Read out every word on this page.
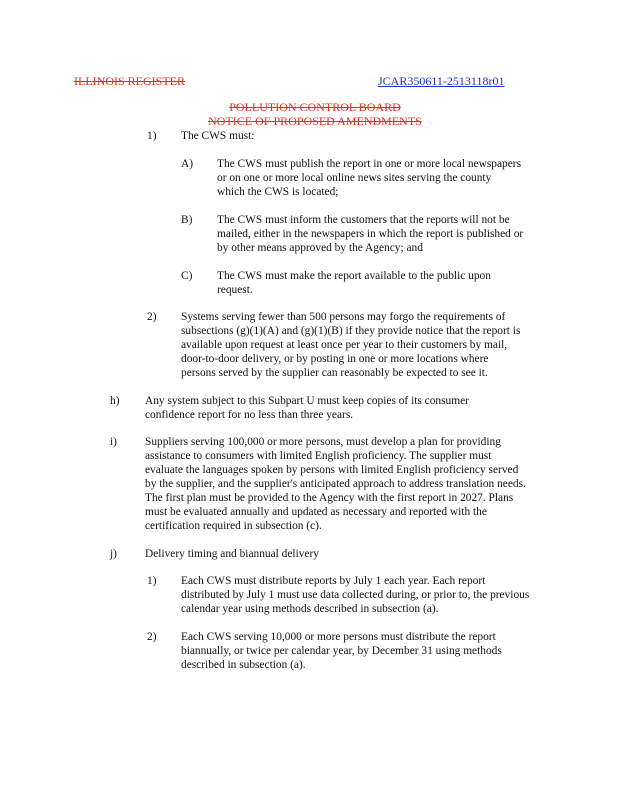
ILLINOIS REGISTER	JCAR350611-2513118r01
POLLUTION CONTROL BOARD
NOTICE OF PROPOSED AMENDMENTS
1) The CWS must:
A) The CWS must publish the report in one or more local newspapers
or on one or more local online news sites serving the county
which the CWS is located;
B) The CWS must inform the customers that the reports will not be
mailed, either in the newspapers in which the report is published or
by other means approved by the Agency; and
C) The CWS must make the report available to the public upon
request.
2) Systems serving fewer than 500 persons may forgo the requirements of
subsections (g)(1)(A) and (g)(1)(B) if they provide notice that the report is
available upon request at least once per year to their customers by mail,
door-to-door delivery, or by posting in one or more locations where
persons served by the supplier can reasonably be expected to see it.
h) Any system subject to this Subpart U must keep copies of its consumer
confidence report for no less than three years.
i) Suppliers serving 100,000 or more persons, must develop a plan for providing
assistance to consumers with limited English proficiency. The supplier must
evaluate the languages spoken by persons with limited English proficiency served
by the supplier, and the supplier's anticipated approach to address translation needs.
The first plan must be provided to the Agency with the first report in 2027. Plans
must be evaluated annually and updated as necessary and reported with the
certification required in subsection (c).
j) Delivery timing and biannual delivery
1) Each CWS must distribute reports by July 1 each year. Each report
distributed by July 1 must use data collected during, or prior to, the previous
calendar year using methods described in subsection (a).
2) Each CWS serving 10,000 or more persons must distribute the report
biannually, or twice per calendar year, by December 31 using methods
described in subsection (a).
